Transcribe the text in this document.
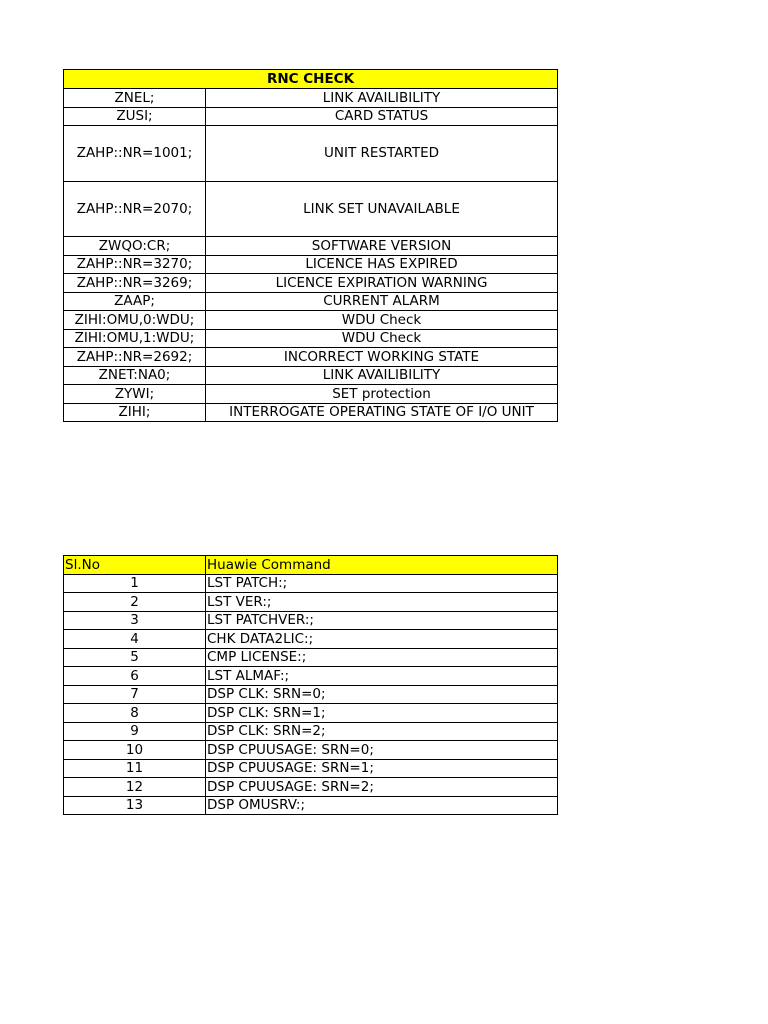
RNC CHECK	
ZNEL;	LINK AVAILIBILITY
ZUSI;	CARD STATUS
ZAHP::NR=1001;	UNIT RESTARTED
ZAHP::NR=2070;	LINK SET UNAVAILABLE
ZWQO:CR;	SOFTWARE VERSION
ZAHP::NR=3270;	LICENCE HAS EXPIRED
ZAHP::NR=3269;	LICENCE EXPIRATION WARNING
ZAAP;	CURRENT ALARM
ZIHI:OMU,0:WDU;	WDU Check
ZIHI:OMU,1:WDU;	WDU Check
ZAHP::NR=2692;	INCORRECT WORKING STATE
ZNET:NA0;	LINK AVAILIBILITY
ZYWI;	SET protection
ZIHI;	INTERROGATE OPERATING STATE OF I/O UNIT
Sl.No	Huawie Command
1	LST PATCH:;
2	LST VER:;
3	LST PATCHVER:;
4	CHK DATA2LIC:;
5	CMP LICENSE:;
6	LST ALMAF:;
7	DSP CLK: SRN=0;
8	DSP CLK: SRN=1;
9	DSP CLK: SRN=2;
10	DSP CPUUSAGE: SRN=0;
11	DSP CPUUSAGE: SRN=1;
12	DSP CPUUSAGE: SRN=2;
13	DSP OMUSRV:;
